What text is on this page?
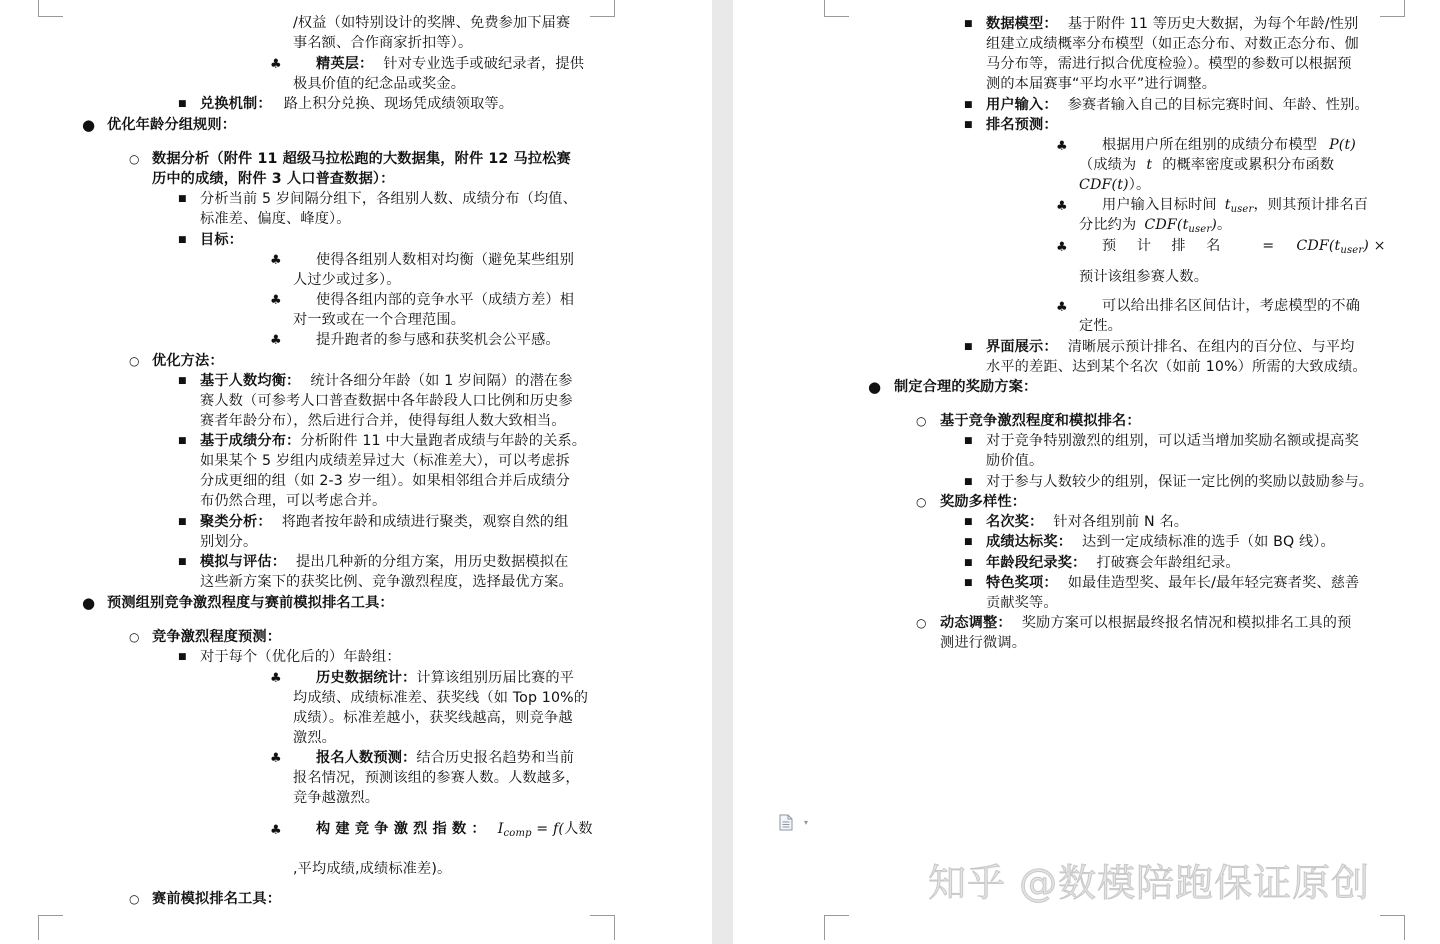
/权益（如特别设计的奖牌、免费参加下届赛
事名额、合作商家折扣等）。
♣ 精英层： 针对专业选手或破纪录者，提供
极具价值的纪念品或奖金。
■ 兑换机制： 路上积分兑换、现场凭成绩领取等。
● 优化年龄分组规则：
○ 数据分析（附件 11 超级马拉松跑的大数据集，附件 12 马拉松赛
历中的成绩，附件 3 人口普查数据）：
■ 分析当前 5 岁间隔分组下，各组别人数、成绩分布（均值、
标准差、偏度、峰度）。
■ 目标：
♣ 使得各组别人数相对均衡（避免某些组别
人过少或过多）。
♣ 使得各组内部的竞争水平（成绩方差）相
对一致或在一个合理范围。
♣ 提升跑者的参与感和获奖机会公平感。
○ 优化方法：
■ 基于人数均衡： 统计各细分年龄（如 1 岁间隔）的潜在参
赛人数（可参考人口普查数据中各年龄段人口比例和历史参
赛者年龄分布），然后进行合并，使得每组人数大致相当。
■ 基于成绩分布：分析附件 11 中大量跑者成绩与年龄的关系。
如果某个 5 岁组内成绩差异过大（标准差大），可以考虑拆
分成更细的组（如 2-3 岁一组）。如果相邻组合并后成绩分
布仍然合理，可以考虑合并。
■ 聚类分析： 将跑者按年龄和成绩进行聚类，观察自然的组
别划分。
■ 模拟与评估： 提出几种新的分组方案，用历史数据模拟在
这些新方案下的获奖比例、竞争激烈程度，选择最优方案。
● 预测组别竞争激烈程度与赛前模拟排名工具：
○ 竞争激烈程度预测：
■ 对于每个（优化后的）年龄组：
♣ 历史数据统计：计算该组别历届比赛的平
均成绩、成绩标准差、获奖线（如 Top 10%的
成绩）。标准差越小，获奖线越高，则竞争越
激烈。
♣ 报名人数预测：结合历史报名趋势和当前
报名情况，预测该组的参赛人数。人数越多，
竞争越激烈。
♣ 构 建 竞 争 激 烈 指 数 ： $I_{comp} = f$(人数
,平均成绩,成绩标准差)。
○ 赛前模拟排名工具：
■ 数据模型： 基于附件 11 等历史大数据，为每个年龄/性别
组建立成绩概率分布模型（如正态分布、对数正态分布、伽
马分布等，需进行拟合优度检验）。模型的参数可以根据预
测的本届赛事“平均水平”进行调整。
■ 用户输入： 参赛者输入自己的目标完赛时间、年龄、性别。
■ 排名预测：
♣ 根据用户所在组别的成绩分布模型 P(t)
（成绩为 t 的概率密度或累积分布函数
CDF(t)）。
♣ 用户输入目标时间 $t_{user}$，则其预计排名百
分比约为 $CDF(t_{user})$。
♣ 预 计 排 名 = $CDF(t_{user})$ ×
预计该组参赛人数。
♣ 可以给出排名区间估计，考虑模型的不确
定性。
■ 界面展示： 清晰展示预计排名、在组内的百分位、与平均
水平的差距、达到某个名次（如前 10%）所需的大致成绩。
● 制定合理的奖励方案：
○ 基于竞争激烈程度和模拟排名：
■ 对于竞争特别激烈的组别，可以适当增加奖励名额或提高奖
励价值。
■ 对于参与人数较少的组别，保证一定比例的奖励以鼓励参与。
○ 奖励多样性：
■ 名次奖： 针对各组别前 N 名。
■ 成绩达标奖： 达到一定成绩标准的选手（如 BQ 线）。
■ 年龄段纪录奖： 打破赛会年龄组纪录。
■ 特色奖项： 如最佳造型奖、最年长/最年轻完赛者奖、慈善
贡献奖等。
○ 动态调整： 奖励方案可以根据最终报名情况和模拟排名工具的预
测进行微调。
▾
知乎 @数模陪跑保证原创
